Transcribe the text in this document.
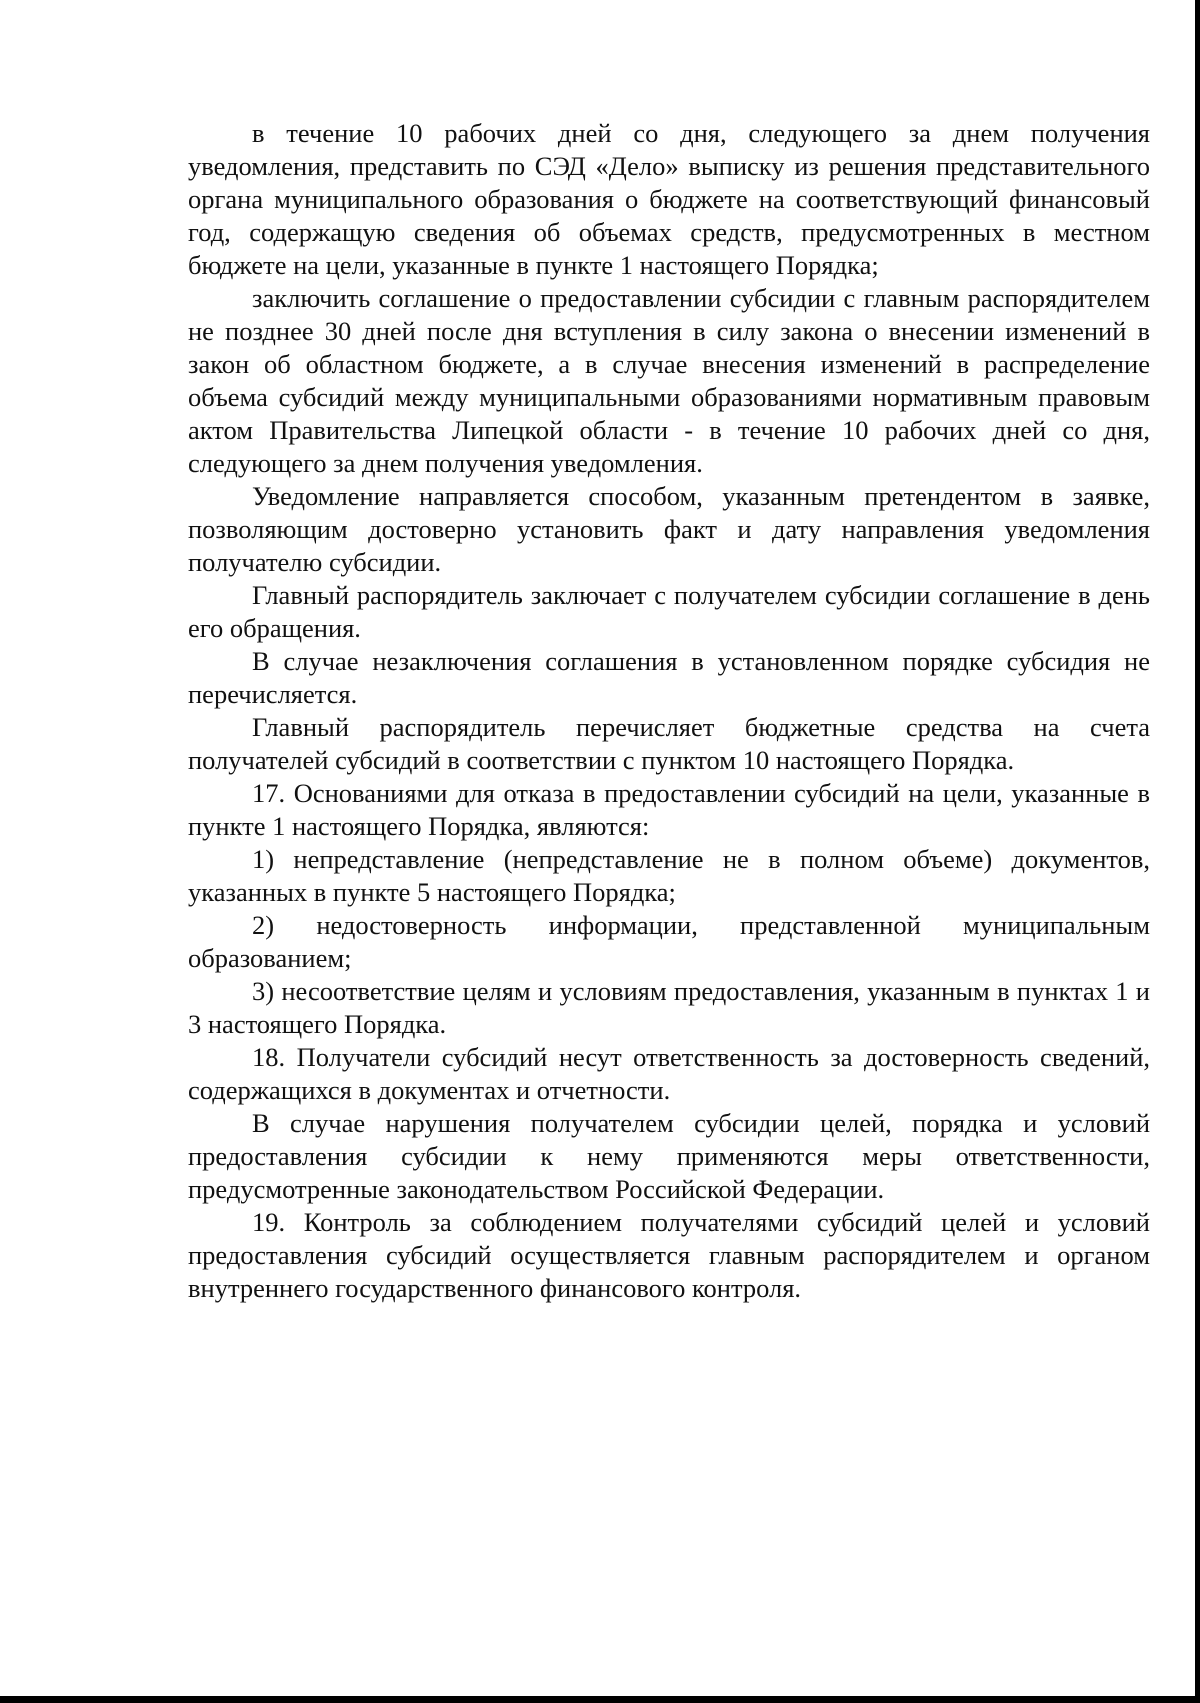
в течение 10 рабочих дней со дня, следующего за днем получения уведомления, представить по СЭД «Дело» выписку из решения представительного органа муниципального образования о бюджете на соответствующий финансовый год, содержащую сведения об объемах средств, предусмотренных в местном бюджете на цели, указанные в пункте 1 настоящего Порядка;

заключить соглашение о предоставлении субсидии с главным распорядителем не позднее 30 дней после дня вступления в силу закона о внесении изменений в закон об областном бюджете, а в случае внесения изменений в распределение объема субсидий между муниципальными образованиями нормативным правовым актом Правительства Липецкой области - в течение 10 рабочих дней со дня, следующего за днем получения уведомления.

Уведомление направляется способом, указанным претендентом в заявке, позволяющим достоверно установить факт и дату направления уведомления получателю субсидии.

Главный распорядитель заключает с получателем субсидии соглашение в день его обращения.

В случае незаключения соглашения в установленном порядке субсидия не перечисляется.

Главный распорядитель перечисляет бюджетные средства на счета получателей субсидий в соответствии с пунктом 10 настоящего Порядка.

17. Основаниями для отказа в предоставлении субсидий на цели, указанные в пункте 1 настоящего Порядка, являются:

1) непредставление (непредставление не в полном объеме) документов, указанных в пункте 5 настоящего Порядка;

2) недостоверность информации, представленной муниципальным образованием;

3) несоответствие целям и условиям предоставления, указанным в пунктах 1 и 3 настоящего Порядка.

18. Получатели субсидий несут ответственность за достоверность сведений, содержащихся в документах и отчетности.

В случае нарушения получателем субсидии целей, порядка и условий предоставления субсидии к нему применяются меры ответственности, предусмотренные законодательством Российской Федерации.

19. Контроль за соблюдением получателями субсидий целей и условий предоставления субсидий осуществляется главным распорядителем и органом внутреннего государственного финансового контроля.
